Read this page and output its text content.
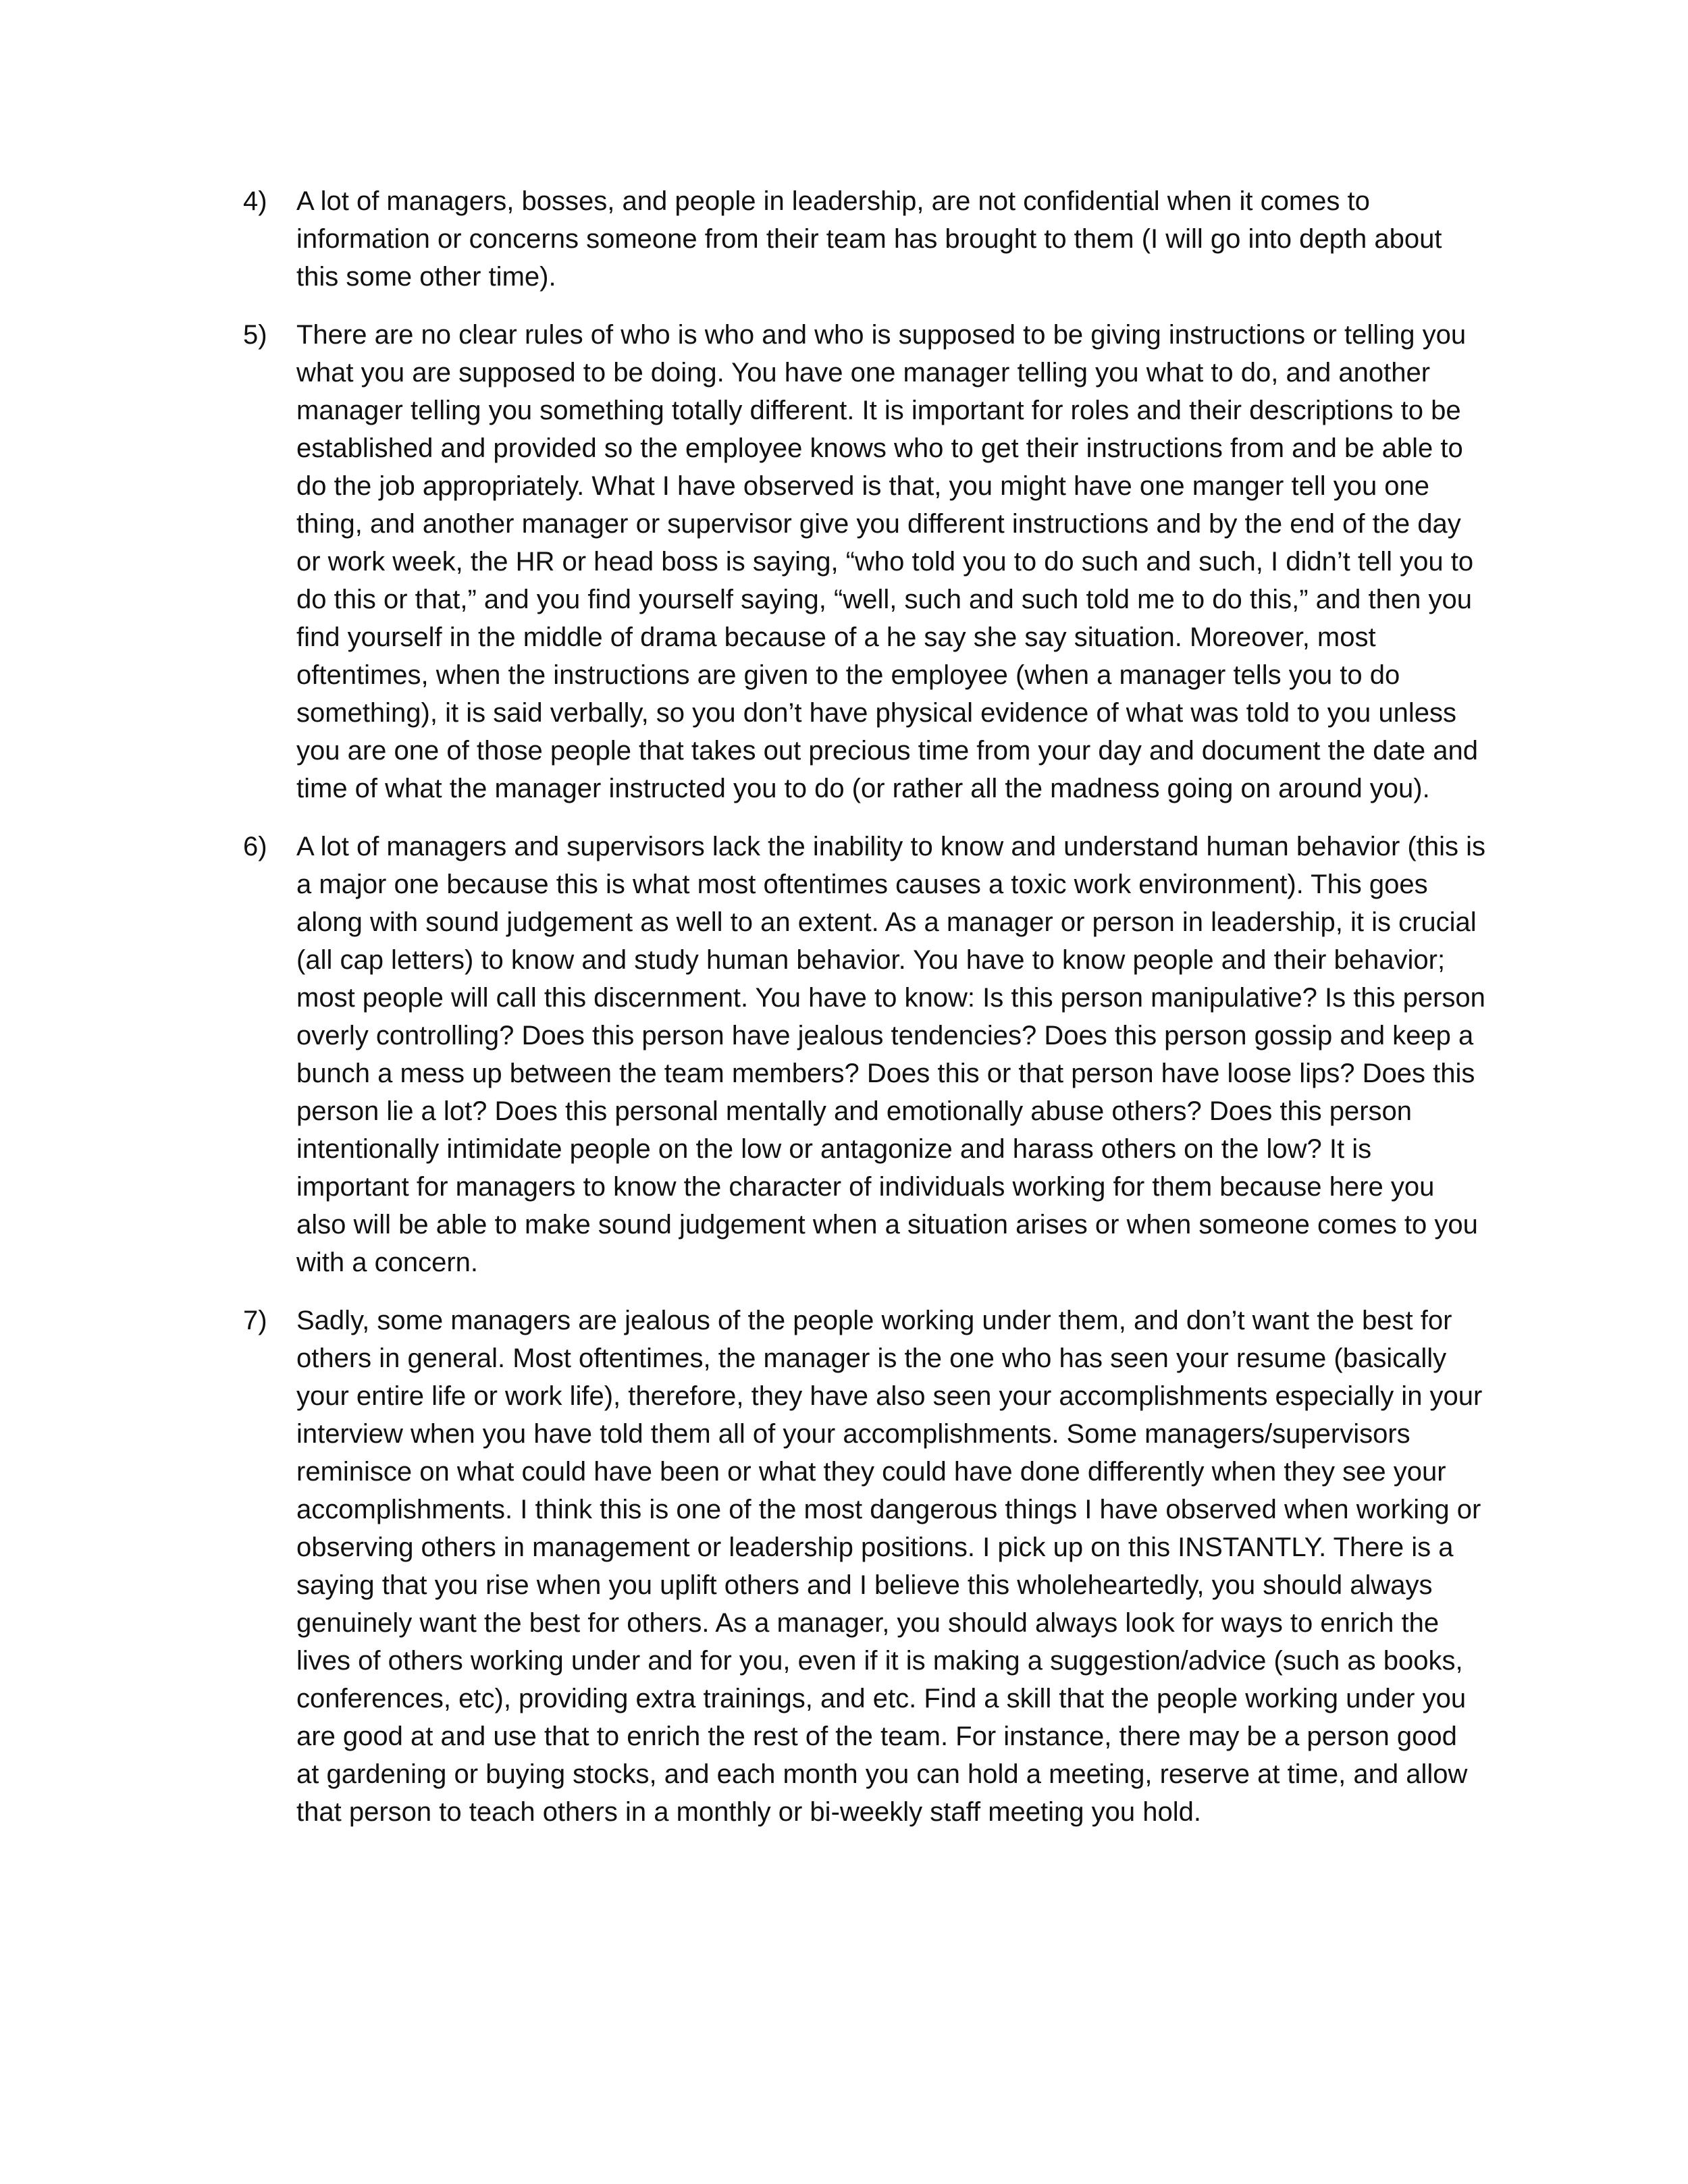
4)	A lot of managers, bosses, and people in leadership, are not confidential when it comes to information or concerns someone from their team has brought to them (I will go into depth about this some other time).
5)	There are no clear rules of who is who and who is supposed to be giving instructions or telling you what you are supposed to be doing. You have one manager telling you what to do, and another manager telling you something totally different. It is important for roles and their descriptions to be established and provided so the employee knows who to get their instructions from and be able to do the job appropriately. What I have observed is that, you might have one manger tell you one thing, and another manager or supervisor give you different instructions and by the end of the day or work week, the HR or head boss is saying, “who told you to do such and such, I didn’t tell you to do this or that,” and you find yourself saying, “well, such and such told me to do this,” and then you find yourself in the middle of drama because of a he say she say situation. Moreover, most oftentimes, when the instructions are given to the employee (when a manager tells you to do something), it is said verbally, so you don’t have physical evidence of what was told to you unless you are one of those people that takes out precious time from your day and document the date and time of what the manager instructed you to do (or rather all the madness going on around you).
6)	A lot of managers and supervisors lack the inability to know and understand human behavior (this is a major one because this is what most oftentimes causes a toxic work environment). This goes along with sound judgement as well to an extent. As a manager or person in leadership, it is crucial (all cap letters) to know and study human behavior. You have to know people and their behavior; most people will call this discernment. You have to know: Is this person manipulative? Is this person overly controlling? Does this person have jealous tendencies? Does this person gossip and keep a bunch a mess up between the team members? Does this or that person have loose lips? Does this person lie a lot? Does this personal mentally and emotionally abuse others? Does this person intentionally intimidate people on the low or antagonize and harass others on the low? It is important for managers to know the character of individuals working for them because here you also will be able to make sound judgement when a situation arises or when someone comes to you with a concern.
7)	Sadly, some managers are jealous of the people working under them, and don’t want the best for others in general. Most oftentimes, the manager is the one who has seen your resume (basically your entire life or work life), therefore, they have also seen your accomplishments especially in your interview when you have told them all of your accomplishments. Some managers/supervisors reminisce on what could have been or what they could have done differently when they see your accomplishments. I think this is one of the most dangerous things I have observed when working or observing others in management or leadership positions. I pick up on this INSTANTLY. There is a saying that you rise when you uplift others and I believe this wholeheartedly, you should always genuinely want the best for others. As a manager, you should always look for ways to enrich the lives of others working under and for you, even if it is making a suggestion/advice (such as books, conferences, etc), providing extra trainings, and etc. Find a skill that the people working under you are good at and use that to enrich the rest of the team. For instance, there may be a person good at gardening or buying stocks, and each month you can hold a meeting, reserve at time, and allow that person to teach others in a monthly or bi-weekly staff meeting you hold.
